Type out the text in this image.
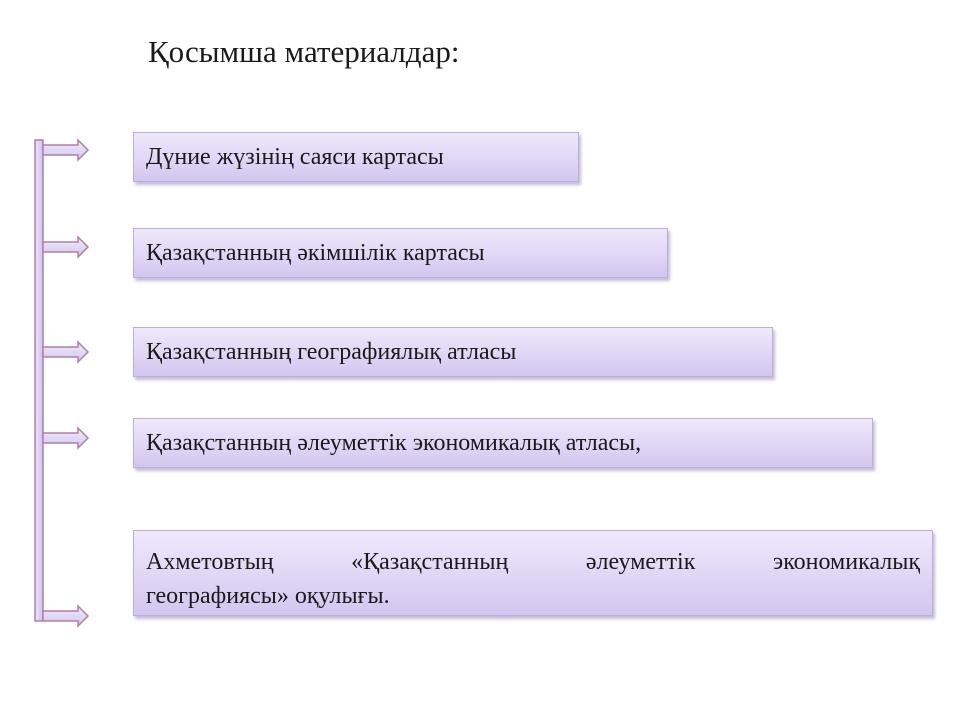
Қосымша материалдар:
Дүние жүзінің саяси картасы
Қазақстанның әкімшілік картасы
Қазақстанның географиялық атласы
Қазақстанның әлеуметтік экономикалық атласы,
Ахметовтың «Қазақстанның әлеуметтік экономикалық
географиясы» оқулығы.
